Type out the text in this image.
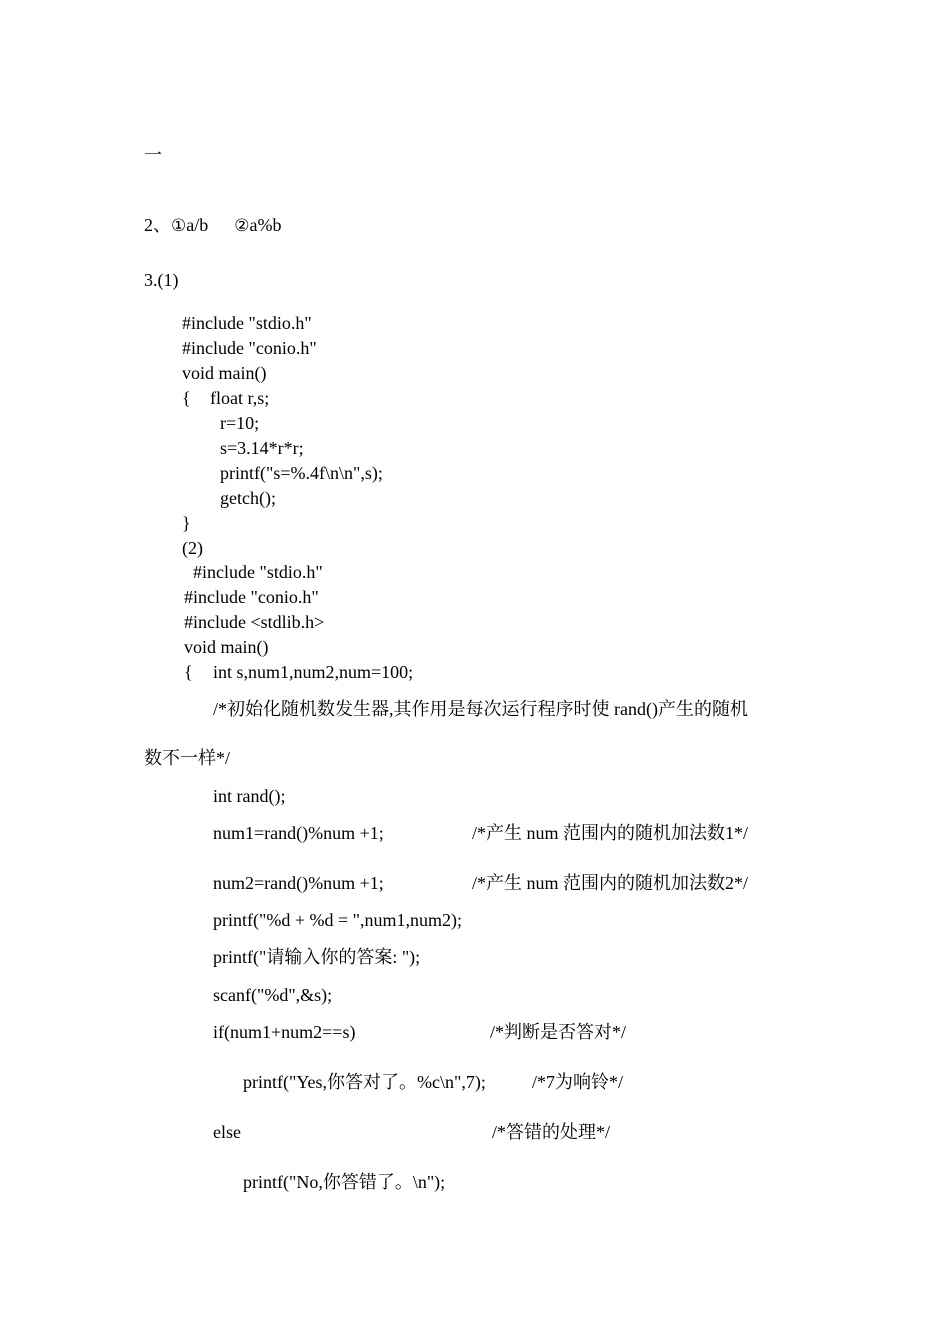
一
2、①a/b ②a%b
3.(1)
#include "stdio.h"
#include "conio.h"
void main()
{ float r,s;
r=10;
s=3.14*r*r;
printf("s=%.4f\n\n",s);
getch();
}
(2)
#include "stdio.h"
#include "conio.h"
#include <stdlib.h>
void main()
{ int s,num1,num2,num=100;
/*初始化随机数发生器,其作用是每次运行程序时使 rand()产生的随机
数不一样*/
int rand();
num1=rand()%num +1;	/*产生 num 范围内的随机加法数1*/
num2=rand()%num +1;	/*产生 num 范围内的随机加法数2*/
printf("%d + %d = ",num1,num2);
printf("请输入你的答案: ");
scanf("%d",&s);
if(num1+num2==s)	/*判断是否答对*/
printf("Yes,你答对了。%c\n",7);	/*7为响铃*/
else	/*答错的处理*/
printf("No,你答错了。\n");
